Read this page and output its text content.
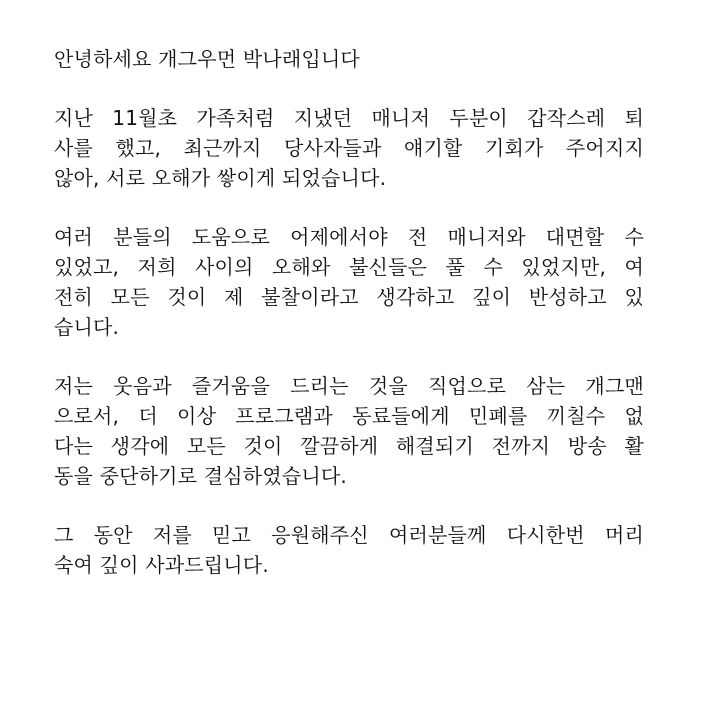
안녕하세요 개그우먼 박나래입니다
지난 11월초 가족처럼 지냈던 매니저 두분이 갑작스레 퇴
사를 했고, 최근까지 당사자들과 얘기할 기회가 주어지지
않아, 서로 오해가 쌓이게 되었습니다.
여러 분들의 도움으로 어제에서야 전 매니저와 대면할 수
있었고, 저희 사이의 오해와 불신들은 풀 수 있었지만, 여
전히 모든 것이 제 불찰이라고 생각하고 깊이 반성하고 있
습니다.
저는 웃음과 즐거움을 드리는 것을 직업으로 삼는 개그맨
으로서, 더 이상 프로그램과 동료들에게 민폐를 끼칠수 없
다는 생각에 모든 것이 깔끔하게 해결되기 전까지 방송 활
동을 중단하기로 결심하였습니다.
그 동안 저를 믿고 응원해주신 여러분들께 다시한번 머리
숙여 깊이 사과드립니다.
